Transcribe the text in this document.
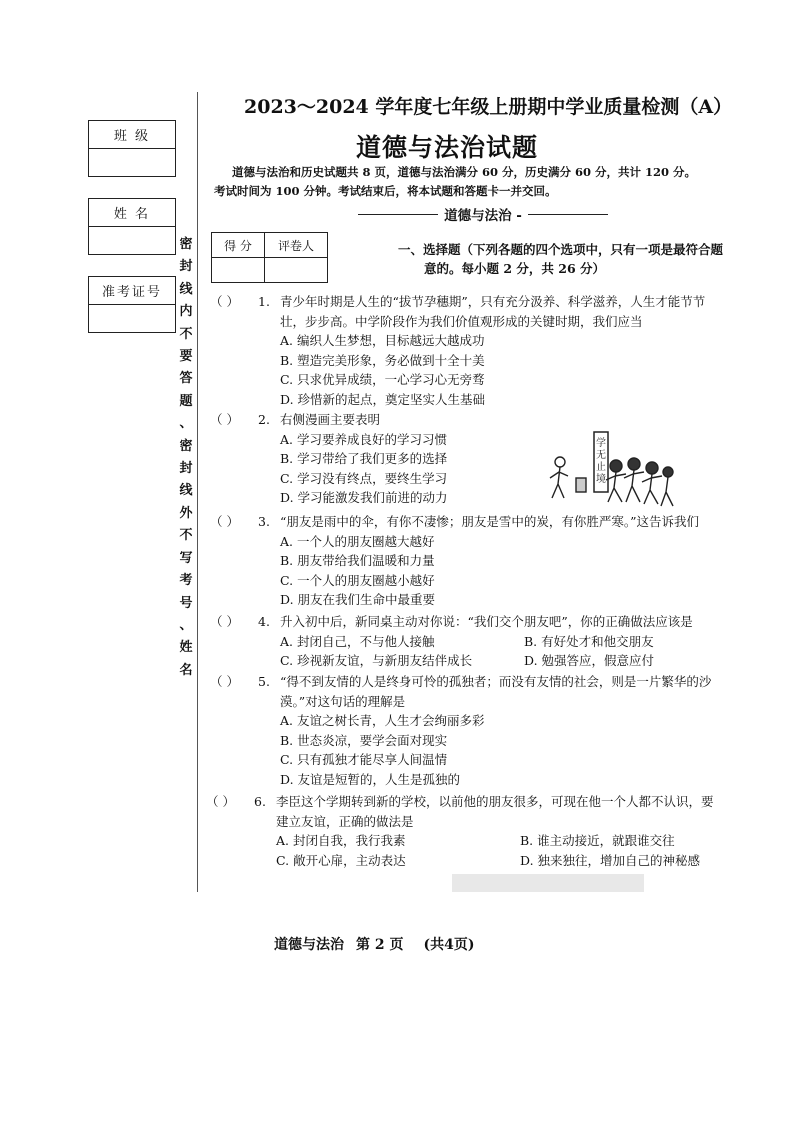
班 级
姓 名
准考证号
密
封
线
内
不
要
答
题
、
密
封
线
外
不
写
考
号
、
姓
名
2023～2024 学年度七年级上册期中学业质量检测（A）
道德与法治试题
道德与法治和历史试题共 8 页，道德与法治满分 60 分，历史满分 60 分，共计 120 分。
考试时间为 100 分钟。考试结束后，将本试题和答题卡一并交回。
道德与法治 -
得 分	评卷人
		一、选择题（下列各题的四个选项中，只有一项是最符合题
意的。每小题 2 分，共 26 分）
（ ）	1. 青少年时期是人生的“拔节孕穗期”，只有充分汲养、科学滋养，人生才能节节
壮，步步高。中学阶段作为我们价值观形成的关键时期，我们应当
A. 编织人生梦想，目标越远大越成功
B. 塑造完美形象，务必做到十全十美
C. 只求优异成绩，一心学习心无旁骛
D. 珍惜新的起点，奠定坚实人生基础
（ ）	2. 右侧漫画主要表明
A. 学习要养成良好的学习习惯
B. 学习带给了我们更多的选择
C. 学习没有终点，要终生学习
D. 学习能激发我们前进的动力
学
无
止
境
（ ）	3. “朋友是雨中的伞，有你不凄惨；朋友是雪中的炭，有你胜严寒。”这告诉我们
A. 一个人的朋友圈越大越好
B. 朋友带给我们温暖和力量
C. 一个人的朋友圈越小越好
D. 朋友在我们生命中最重要
（ ）	4. 升入初中后，新同桌主动对你说：“我们交个朋友吧”，你的正确做法应该是
A. 封闭自己，不与他人接触	B. 有好处才和他交朋友
C. 珍视新友谊，与新朋友结伴成长	D. 勉强答应，假意应付
（ ）	5. “得不到友情的人是终身可怜的孤独者；而没有友情的社会，则是一片繁华的沙
漠。”对这句话的理解是
A. 友谊之树长青，人生才会绚丽多彩
B. 世态炎凉，要学会面对现实
C. 只有孤独才能尽享人间温情
D. 友谊是短暂的，人生是孤独的
（ ）	6. 李臣这个学期转到新的学校，以前他的朋友很多，可现在他一个人都不认识，要
建立友谊，正确的做法是
A. 封闭自我，我行我素	B. 谁主动接近，就跟谁交往
C. 敞开心扉，主动表达	D. 独来独往，增加自己的神秘感
道德与法治 第 2 页 (共4页)
